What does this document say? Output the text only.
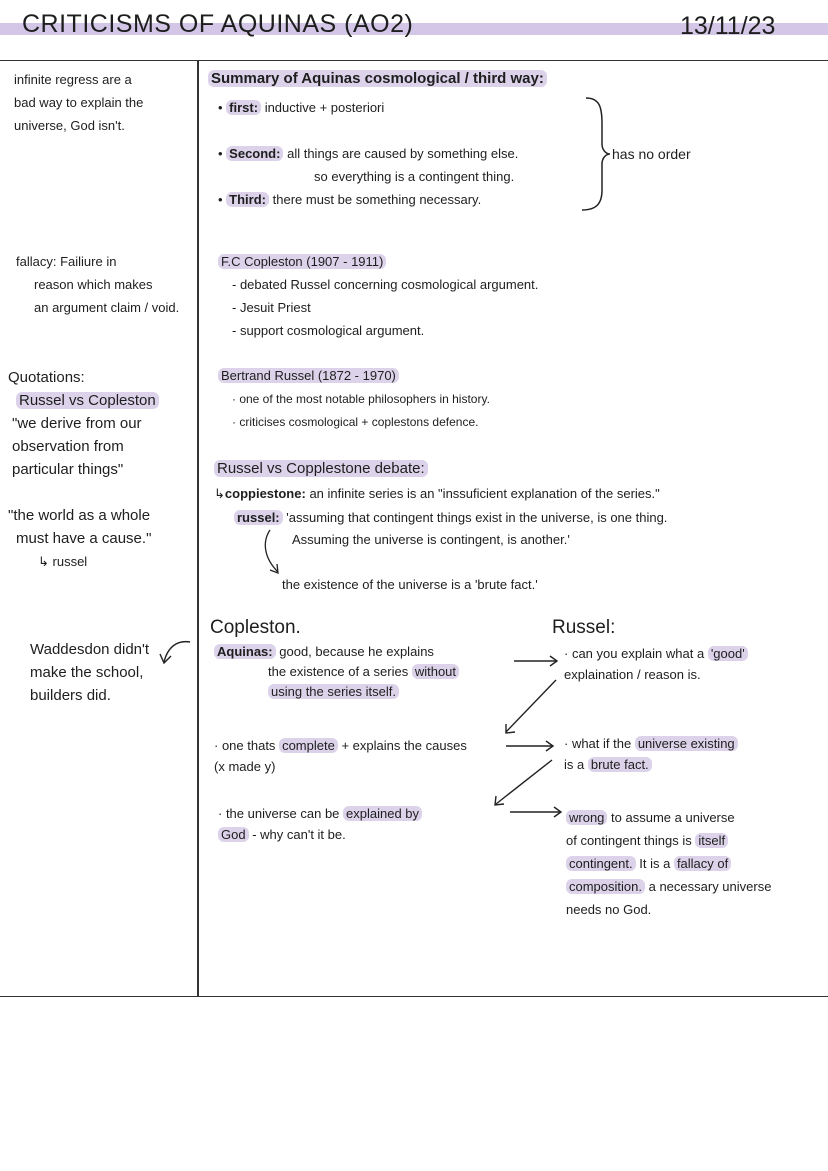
CRITICISMS OF AQUINAS (AO2)	13/11/23
infinite regress are a
bad way to explain the
universe, God isn't.
fallacy: Failiure in
reason which makes
an argument claim / void.
Quotations:
Russel vs Copleston
"we derive from our
observation from
particular things"
"the world as a whole
must have a cause."
↳ russel
Waddesdon didn't
make the school,
builders did.
Summary of Aquinas cosmological / third way:
• first: inductive + posteriori
• Second: all things are caused by something else.
so everything is a contingent thing.
• Third: there must be something necessary.
has no order
F.C Copleston (1907 - 1911)
- debated Russel concerning cosmological argument.
- Jesuit Priest
- support cosmological argument.
Bertrand Russel (1872 - 1970)
· one of the most notable philosophers in history.
· criticises cosmological + coplestons defence.
Russel vs Copplestone debate:
↳coppiestone: an infinite series is an "inssuficient explanation of the series."
russel: 'assuming that contingent things exist in the universe, is one thing.
Assuming the universe is contingent, is another.'
the existence of the universe is a 'brute fact.'
Copleston.	Russel:
Aquinas: good, because he explains
the existence of a series without
using the series itself.
· one thats complete + explains the causes
(x made y)
· the universe can be explained by
God - why can't it be.
· can you explain what a 'good'
explaination / reason is.
· what if the universe existing
is a brute fact.
wrong to assume a universe
of contingent things is itself
contingent. It is a fallacy of
composition. a necessary universe
needs no God.
